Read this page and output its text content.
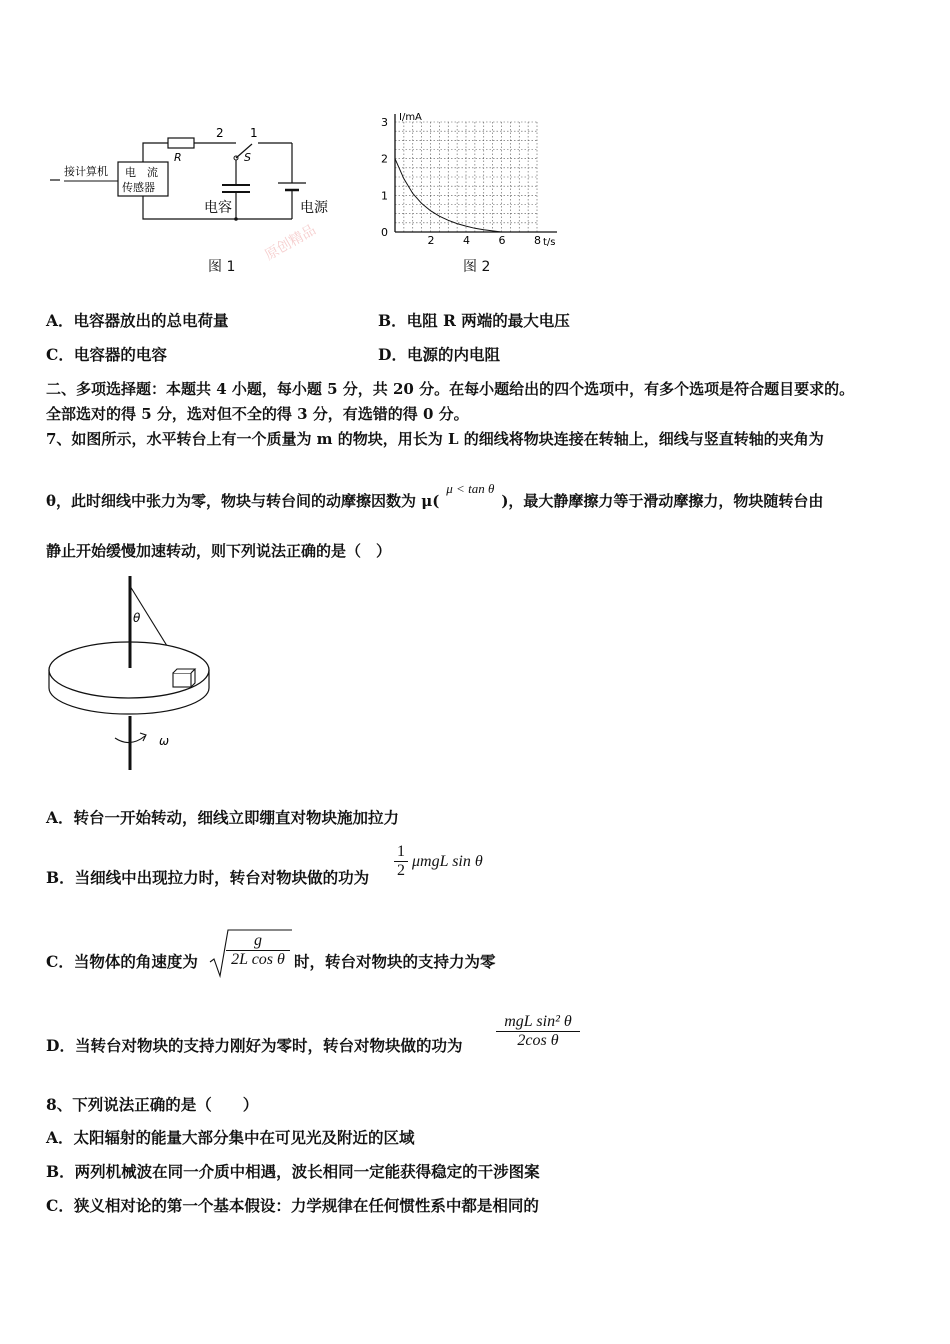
接计算机 电　流
传感器
R
2 1
S
电容	电源
图 1
原创精品
I/mA
t/s
3
2
1
0
2	4	6	8
图 2
A．电容器放出的总电荷量	B．电阻 R 两端的最大电压
C．电容器的电容	D．电源的内电阻
二、多项选择题：本题共 4 小题，每小题 5 分，共 20 分。在每小题给出的四个选项中，有多个选项是符合题目要求的。
全部选对的得 5 分，选对但不全的得 3 分，有选错的得 0 分。
7、如图所示，水平转台上有一个质量为 m 的物块，用长为 L 的细线将物块连接在转轴上，细线与竖直转轴的夹角为
θ，此时细线中张力为零，物块与转台间的动摩擦因数为 μ(μ < tan θ)，最大静摩擦力等于滑动摩擦力，物块随转台由
静止开始缓慢加速转动，则下列说法正确的是（　）
θ
ω
A．转台一开始转动，细线立即绷直对物块施加拉力
B．当细线中出现拉力时，转台对物块做的功为 $\frac{1}{2}$ μmgL sin θ
C．当物体的角速度为 $\frac{g}{\text{2L cos θ}}$ 时，转台对物块的支持力为零
D．当转台对物块的支持力刚好为零时，转台对物块做的功为
mgL sin² θ
2cos θ
8、下列说法正确的是（　　）
A．太阳辐射的能量大部分集中在可见光及附近的区域
B．两列机械波在同一介质中相遇，波长相同一定能获得稳定的干涉图案
C．狭义相对论的第一个基本假设：力学规律在任何惯性系中都是相同的
